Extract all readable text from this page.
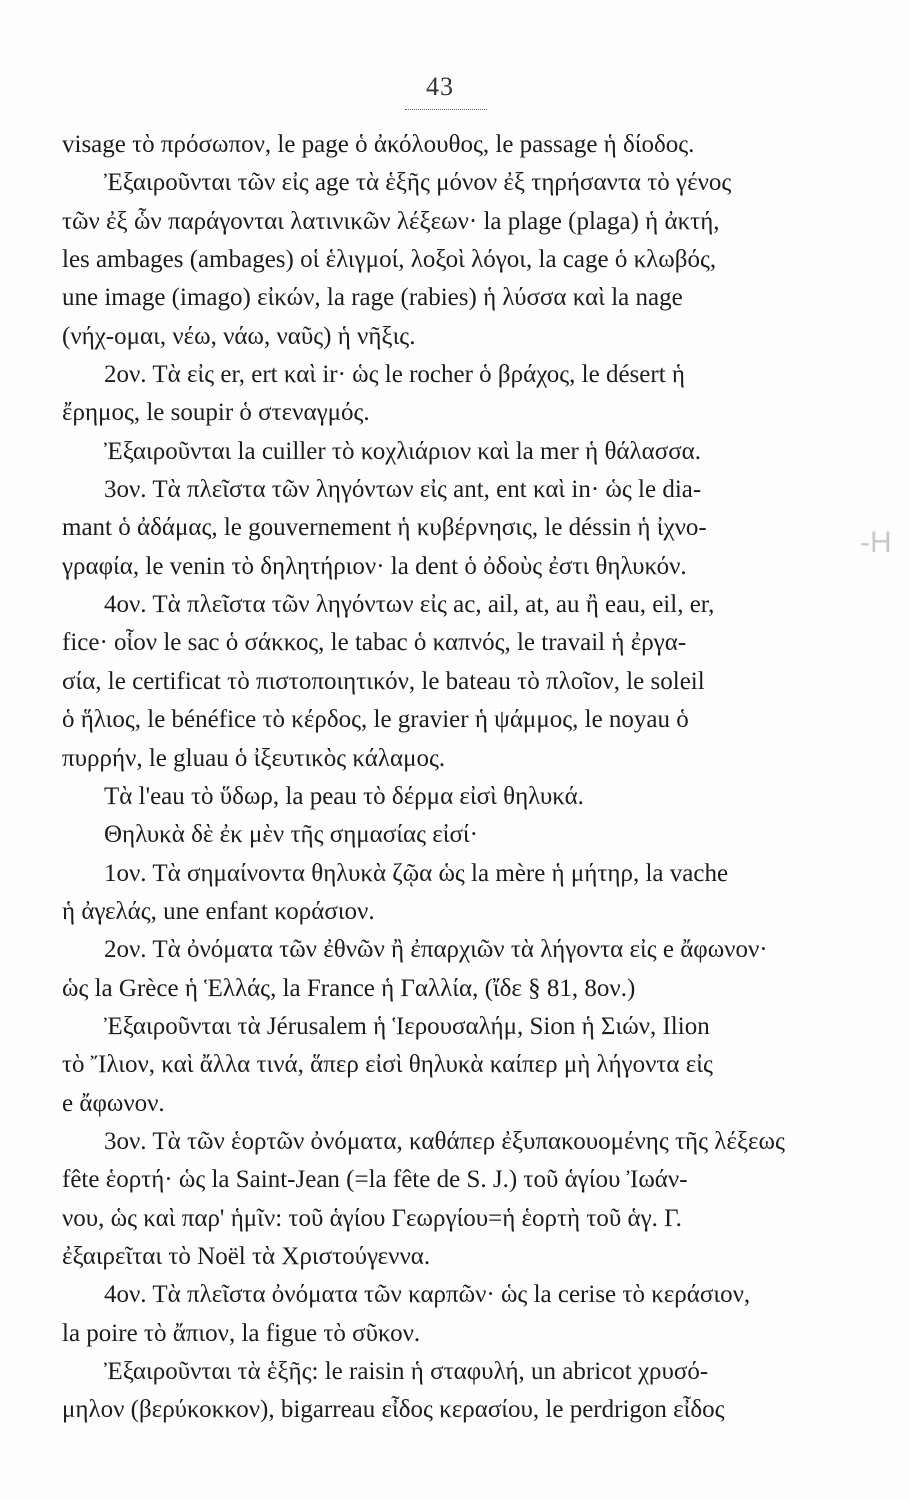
43
-H
visage τὸ πρόσωπον, le page ὁ ἀκόλουθος, le passage ἡ δίοδος.
Ἐξαιροῦνται τῶν εἰς age τὰ ἑξῆς μόνον ἐξ τηρήσαντα τὸ γένος
τῶν ἐξ ὧν παράγονται λατινικῶν λέξεων· la plage (plaga) ἡ ἀκτή,
les ambages (ambages) οἱ ἑλιγμοί, λοξοὶ λόγοι, la cage ὁ κλωβός,
une image (imago) εἰκών, la rage (rabies) ἡ λύσσα καὶ la nage
(νήχ-ομαι, νέω, νάω, ναῦς) ἡ νῆξις.
2ον. Τὰ εἰς er, ert καὶ ir· ὡς le rocher ὁ βράχος, le désert ἡ
ἔρημος, le soupir ὁ στεναγμός.
Ἐξαιροῦνται la cuiller τὸ κοχλιάριον καὶ la mer ἡ θάλασσα.
3ον. Τὰ πλεῖστα τῶν ληγόντων εἰς ant, ent καὶ in· ὡς le dia-
mant ὁ ἀδάμας, le gouvernement ἡ κυβέρνησις, le déssin ἡ ἰχνο-
γραφία, le venin τὸ δηλητήριον· la dent ὁ ὀδοὺς ἐστι θηλυκόν.
4ον. Τὰ πλεῖστα τῶν ληγόντων εἰς ac, ail, at, au ἢ eau, eil, er,
fice· οἷον le sac ὁ σάκκος, le tabac ὁ καπνός, le travail ἡ ἐργα-
σία, le certificat τὸ πιστοποιητικόν, le bateau τὸ πλοῖον, le soleil
ὁ ἥλιος, le bénéfice τὸ κέρδος, le gravier ἡ ψάμμος, le noyau ὁ
πυρρήν, le gluau ὁ ἰξευτικὸς κάλαμος.
Τὰ l'eau τὸ ὕδωρ, la peau τὸ δέρμα εἰσὶ θηλυκά.
Θηλυκὰ δὲ ἐκ μὲν τῆς σημασίας εἰσί·
1ον. Τὰ σημαίνοντα θηλυκὰ ζῷα ὡς la mère ἡ μήτηρ, la vache
ἡ ἀγελάς, une enfant κοράσιον.
2ον. Τὰ ὀνόματα τῶν ἐθνῶν ἢ ἐπαρχιῶν τὰ λήγοντα εἰς e ἄφωνον·
ὡς la Grèce ἡ Ἑλλάς, la France ἡ Γαλλία, (ἴδε § 81, 8ον.)
Ἐξαιροῦνται τὰ Jérusalem ἡ Ἱερουσαλήμ, Sion ἡ Σιών, Ilion
τὸ Ἴλιον, καὶ ἄλλα τινά, ἅπερ εἰσὶ θηλυκὰ καίπερ μὴ λήγοντα εἰς
e ἄφωνον.
3ον. Τὰ τῶν ἑορτῶν ὀνόματα, καθάπερ ἐξυπακουομένης τῆς λέξεως
fête ἑορτή· ὡς la Saint-Jean (=la fête de S. J.) τοῦ ἁγίου Ἰωάν-
νου, ὡς καὶ παρ' ἡμῖν: τοῦ ἁγίου Γεωργίου=ἡ ἑορτὴ τοῦ ἁγ. Γ.
ἐξαιρεῖται τὸ Noël τὰ Χριστούγεννα.
4ον. Τὰ πλεῖστα ὀνόματα τῶν καρπῶν· ὡς la cerise τὸ κεράσιον,
la poire τὸ ἄπιον, la figue τὸ σῦκον.
Ἐξαιροῦνται τὰ ἑξῆς: le raisin ἡ σταφυλή, un abricot χρυσό-
μηλον (βερύκοκκον), bigarreau εἶδος κερασίου, le perdrigon εἶδος
